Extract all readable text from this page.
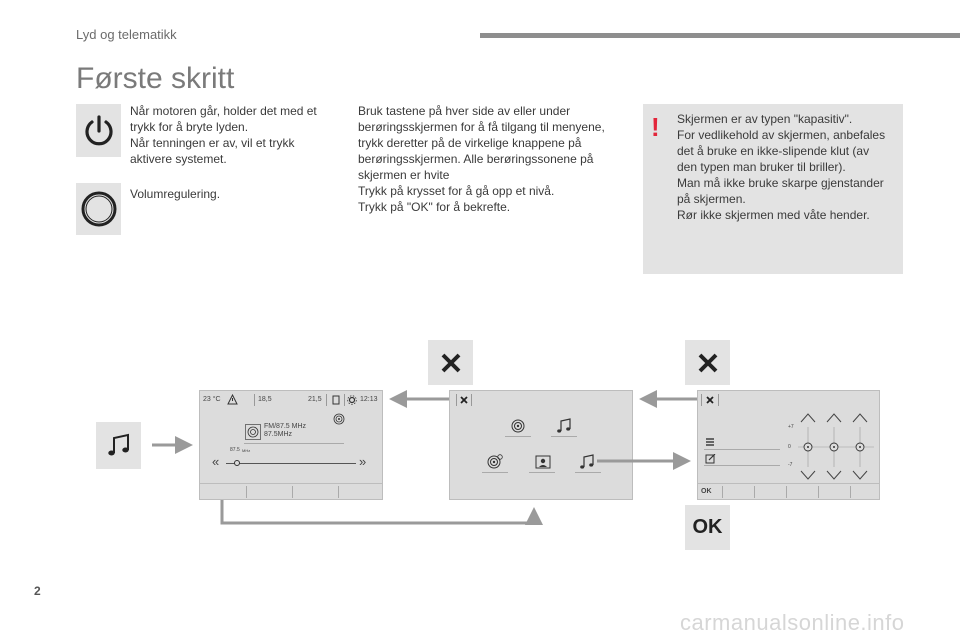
Lyd og telematikk
Første skritt
Når motoren går, holder det med et
trykk for å bryte lyden.
Når tenningen er av, vil et trykk
aktivere systemet.
Volumregulering.
Bruk tastene på hver side av eller under
berøringsskjermen for å få tilgang til menyene,
trykk deretter på de virkelige knappene på
berøringsskjermen. Alle berøringssonene på
skjermen er hvite
Trykk på krysset for å gå opp et nivå.
Trykk på "OK" for å bekrefte.
! Skjermen er av typen "kapasitiv".
For vedlikehold av skjermen, anbefales
det å bruke en ikke-slipende klut (av
den typen man bruker til briller).
Man må ikke bruke skarpe gjenstander
på skjermen.
Rør ikke skjermen med våte hender.
OK
23 °C	18,5	21,5	12:13
FM/87.5 MHz
87.5MHz
87.5 MHz
«	»
+7
0
-7
OK
2
carmanualsonline.info
